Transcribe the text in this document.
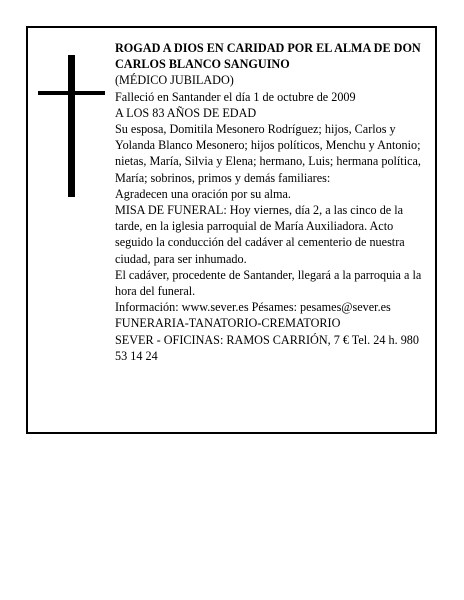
ROGAD A DIOS EN CARIDAD POR EL ALMA DE DON CARLOS BLANCO SANGUINO

(MÉDICO JUBILADO)

Falleció en Santander el día 1 de octubre de 2009

A LOS 83 AÑOS DE EDAD

Su esposa, Domitila Mesonero Rodríguez; hijos, Carlos y Yolanda Blanco Mesonero; hijos políticos, Menchu y Antonio; nietas, María, Silvia y Elena; hermano, Luis; hermana política, María; sobrinos, primos y demás familiares:

Agradecen una oración por su alma.

MISA DE FUNERAL: Hoy viernes, día 2, a las cinco de la tarde, en la iglesia parroquial de María Auxiliadora. Acto seguido la conducción del cadáver al cementerio de nuestra ciudad, para ser inhumado.

El cadáver, procedente de Santander, llegará a la parroquia a la hora del funeral.

Información: www.sever.es Pésames: pesames@sever.es

FUNERARIA-TANATORIO-CREMATORIO

SEVER - OFICINAS: RAMOS CARRIÓN, 7 € Tel. 24 h. 980 53 14 24
